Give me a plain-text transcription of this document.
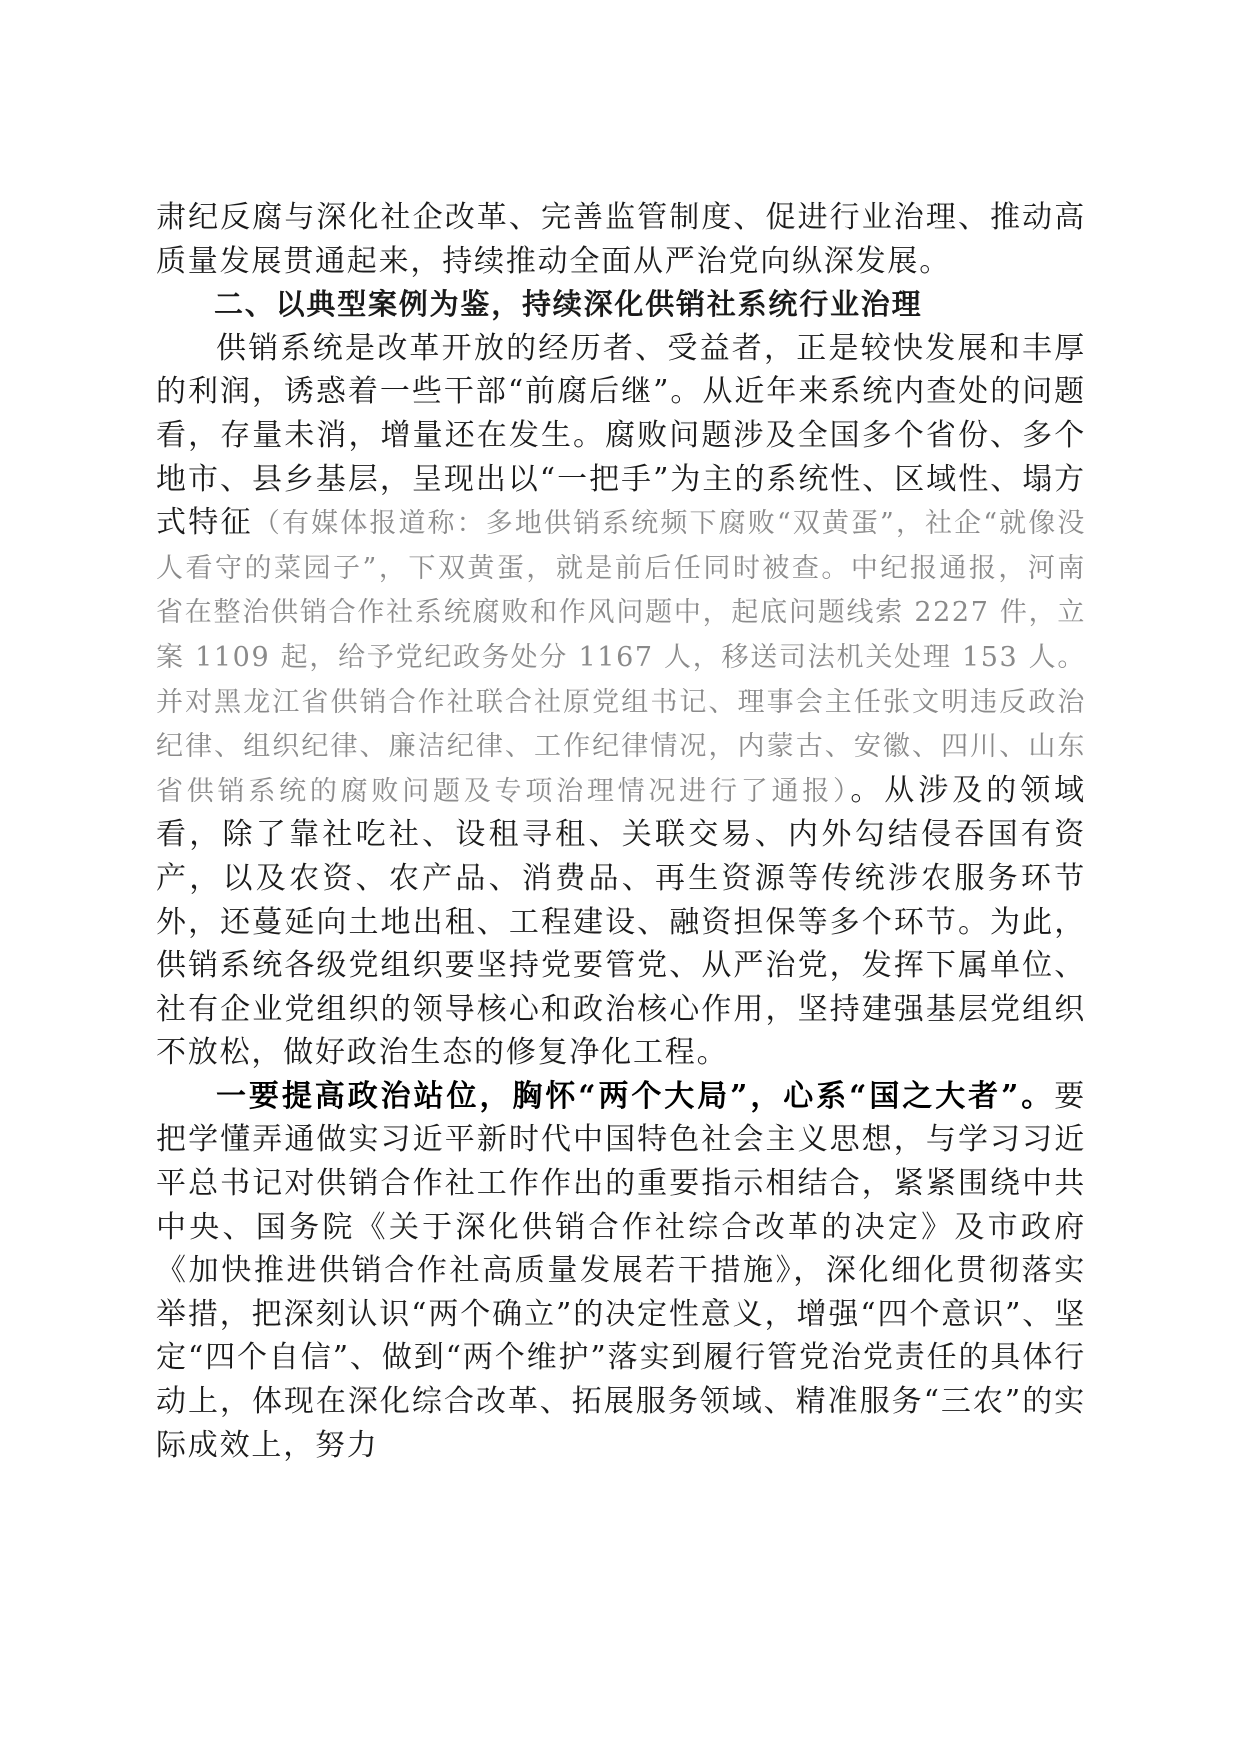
肃纪反腐与深化社企改革、完善监管制度、促进行业治理、推动高质量发展贯通起来，持续推动全面从严治党向纵深发展。

二、以典型案例为鉴，持续深化供销社系统行业治理

供销系统是改革开放的经历者、受益者，正是较快发展和丰厚的利润，诱惑着一些干部“前腐后继”。从近年来系统内查处的问题看，存量未消，增量还在发生。腐败问题涉及全国多个省份、多个地市、县乡基层，呈现出以“一把手”为主的系统性、区域性、塌方式特征（有媒体报道称：多地供销系统频下腐败“双黄蛋”，社企“就像没人看守的菜园子”，下双黄蛋，就是前后任同时被查。中纪报通报，河南省在整治供销合作社系统腐败和作风问题中，起底问题线索 2227 件，立案 1109 起，给予党纪政务处分 1167 人，移送司法机关处理 153 人。并对黑龙江省供销合作社联合社原党组书记、理事会主任张文明违反政治纪律、组织纪律、廉洁纪律、工作纪律情况，内蒙古、安徽、四川、山东省供销系统的腐败问题及专项治理情况进行了通报）。从涉及的领域看，除了靠社吃社、设租寻租、关联交易、内外勾结侵吞国有资产，以及农资、农产品、消费品、再生资源等传统涉农服务环节外，还蔓延向土地出租、工程建设、融资担保等多个环节。为此，供销系统各级党组织要坚持党要管党、从严治党，发挥下属单位、社有企业党组织的领导核心和政治核心作用，坚持建强基层党组织不放松，做好政治生态的修复净化工程。

一要提高政治站位，胸怀“两个大局”，心系“国之大者”。要把学懂弄通做实习近平新时代中国特色社会主义思想，与学习习近平总书记对供销合作社工作作出的重要指示相结合，紧紧围绕中共中央、国务院《关于深化供销合作社综合改革的决定》及市政府《加快推进供销合作社高质量发展若干措施》，深化细化贯彻落实举措，把深刻认识“两个确立”的决定性意义，增强“四个意识”、坚定“四个自信”、做到“两个维护”落实到履行管党治党责任的具体行动上，体现在深化综合改革、拓展服务领域、精准服务“三农”的实际成效上，努力
